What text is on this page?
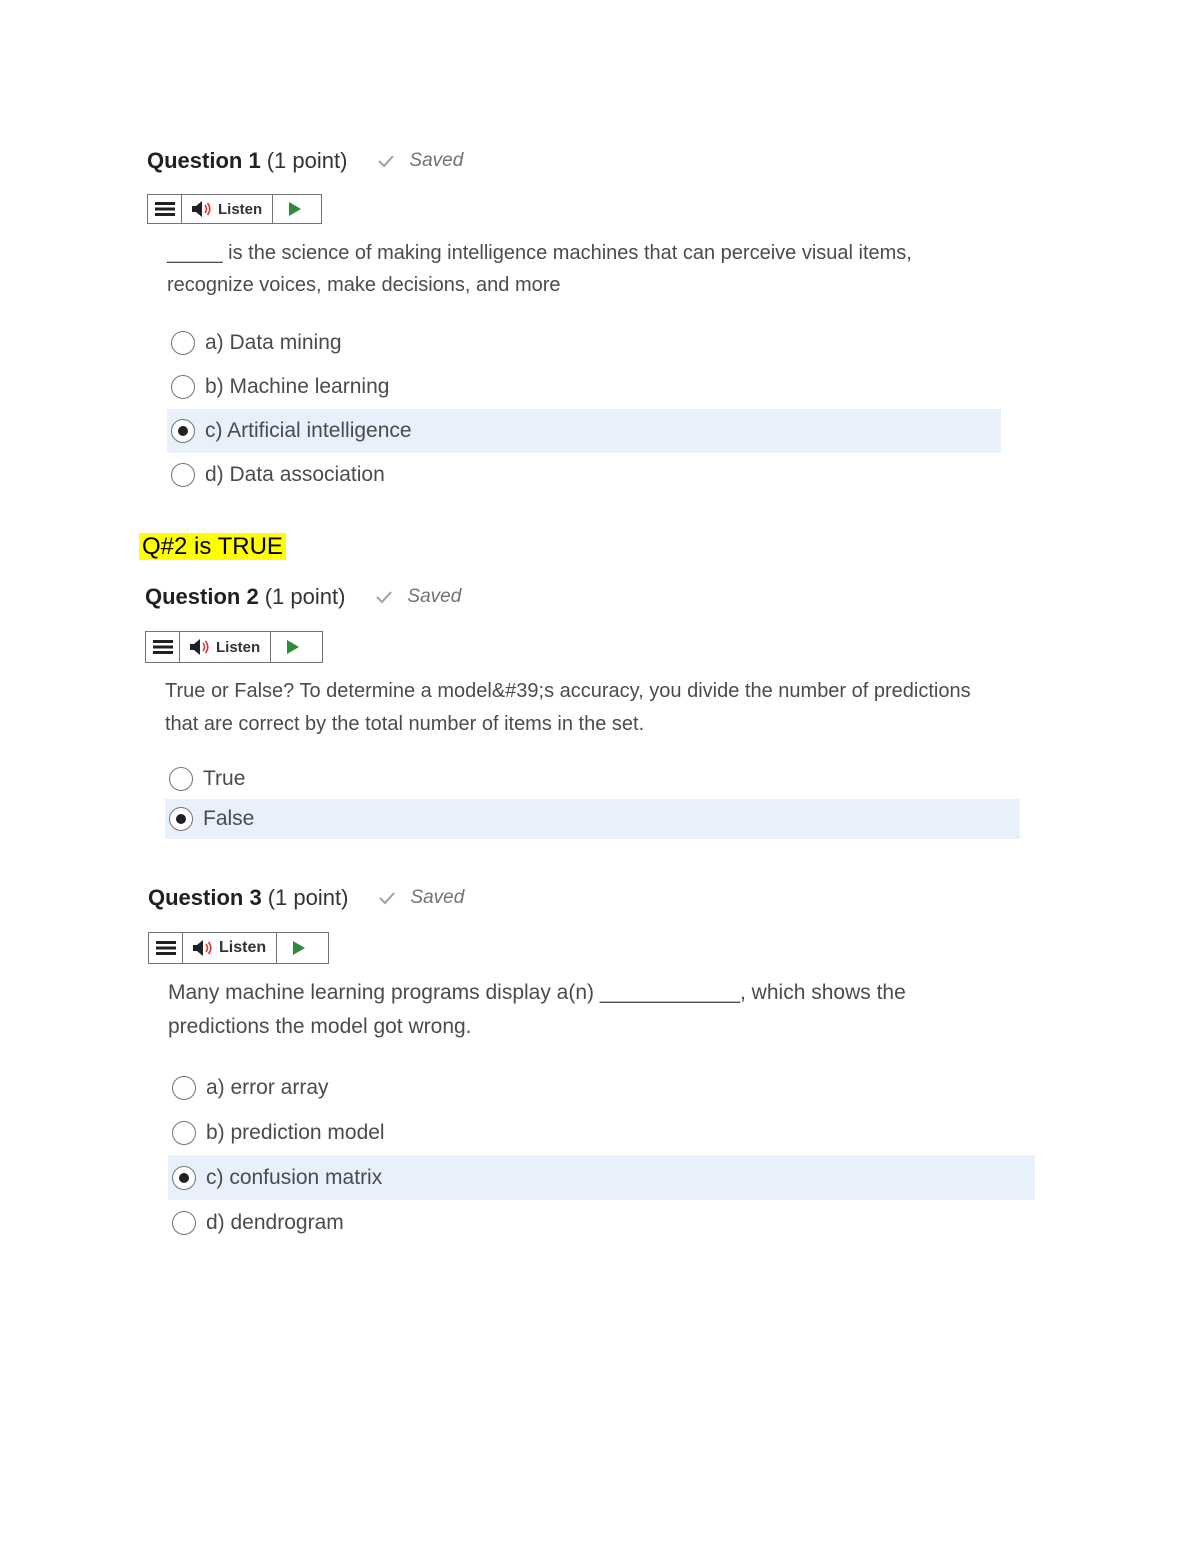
Question 1 (1 point)	Saved
Listen
_____ is the science of making intelligence machines that can perceive visual items, recognize voices, make decisions, and more
a) Data mining
b) Machine learning
c) Artificial intelligence
d) Data association
Q#2 is TRUE
Question 2 (1 point)	Saved
Listen
True or False? To determine a model&#39;s accuracy, you divide the number of predictions that are correct by the total number of items in the set.
True
False
Question 3 (1 point)	Saved
Listen
Many machine learning programs display a(n) ____________, which shows the predictions the model got wrong.
a) error array
b) prediction model
c) confusion matrix
d) dendrogram
